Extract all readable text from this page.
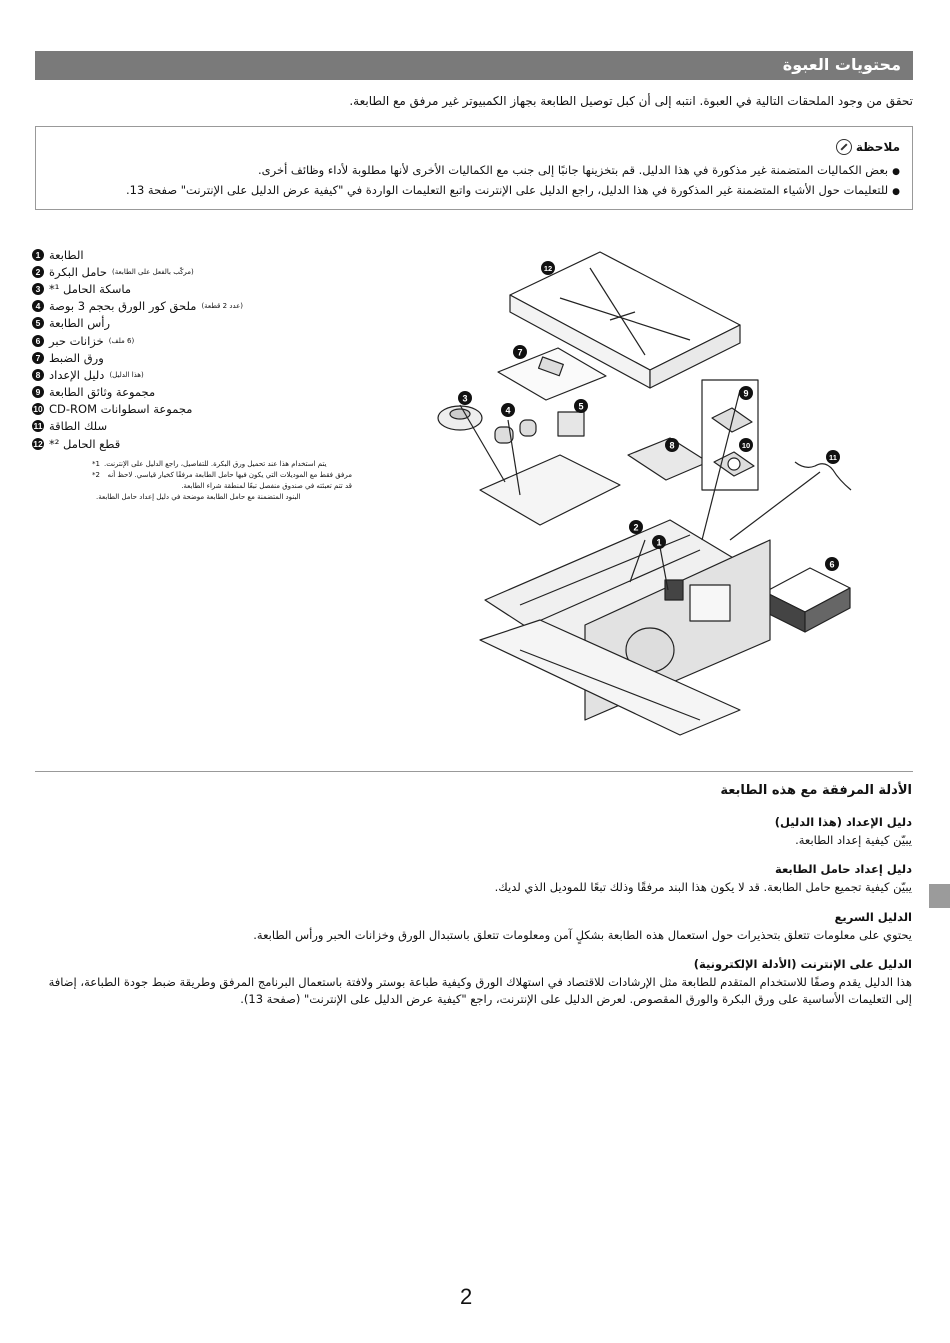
محتويات العبوة
تحقق من وجود الملحقات التالية في العبوة. انتبه إلى أن كبل توصيل الطابعة بجهاز الكمبيوتر غير مرفق مع الطابعة.
ملاحظة
● بعض الكماليات المتضمنة غير مذكورة في هذا الدليل. قم بتخزينها جانبًا إلى جنب مع الكماليات الأخرى لأنها مطلوبة لأداء وظائف أخرى.
● للتعليمات حول الأشياء المتضمنة غير المذكورة في هذا الدليل، راجع الدليل على الإنترنت واتبع التعليمات الواردة في "كيفية عرض الدليل على الإنترنت" صفحة 13.
1 الطابعة
2 حامل البكرة (مركّب بالفعل على الطابعة)
3 ماسكة الحامل ¹*
4 ملحق كور الورق بحجم 3 بوصة (عدد 2 قطعة)
5 رأس الطابعة
6 خزانات حبر (6 ملف)
7 ورق الضبط
8 دليل الإعداد (هذا الدليل)
9 مجموعة وثائق الطابعة
10 مجموعة اسطوانات CD-ROM
11 سلك الطاقة
12 قطع الحامل ²*
1* يتم استخدام هذا عند تحميل ورق البكرة. للتفاصيل، راجع الدليل على الإنترنت.
2*	مرفق فقط مع الموديلات التي يكون فيها حامل الطابعة مرفقًا كخيار قياسي. لاحظ أنه قد تتم تعبئته في صندوق منفصل تبعًا لمنطقة شراء الطابعة.
البنود المتضمنة مع حامل الطابعة موضحة في دليل إعداد حامل الطابعة.
1
2
3
4	5
6
7
8
9
10
11
12
الأدلة المرفقة مع هذه الطابعة
دليل الإعداد (هذا الدليل)
يبيّن كيفية إعداد الطابعة.
دليل إعداد حامل الطابعة
يبيّن كيفية تجميع حامل الطابعة. قد لا يكون هذا البند مرفقًا وذلك تبعًا للموديل الذي لديك.
الدليل السريع
يحتوي على معلومات تتعلق بتحذيرات حول استعمال هذه الطابعة بشكلٍ آمن ومعلومات تتعلق باستبدال الورق وخزانات الحبر ورأس الطابعة.
الدليل على الإنترنت (الأدلة الإلكترونية)
هذا الدليل يقدم وصفًا للاستخدام المتقدم للطابعة مثل الإرشادات للاقتصاد في استهلاك الورق وكيفية طباعة بوستر ولافتة باستعمال البرنامج المرفق وطريقة ضبط جودة الطباعة، إضافة إلى التعليمات الأساسية على ورق البكرة والورق المقصوص. لعرض الدليل على الإنترنت، راجع "كيفية عرض الدليل على الإنترنت" (صفحة 13).
2
